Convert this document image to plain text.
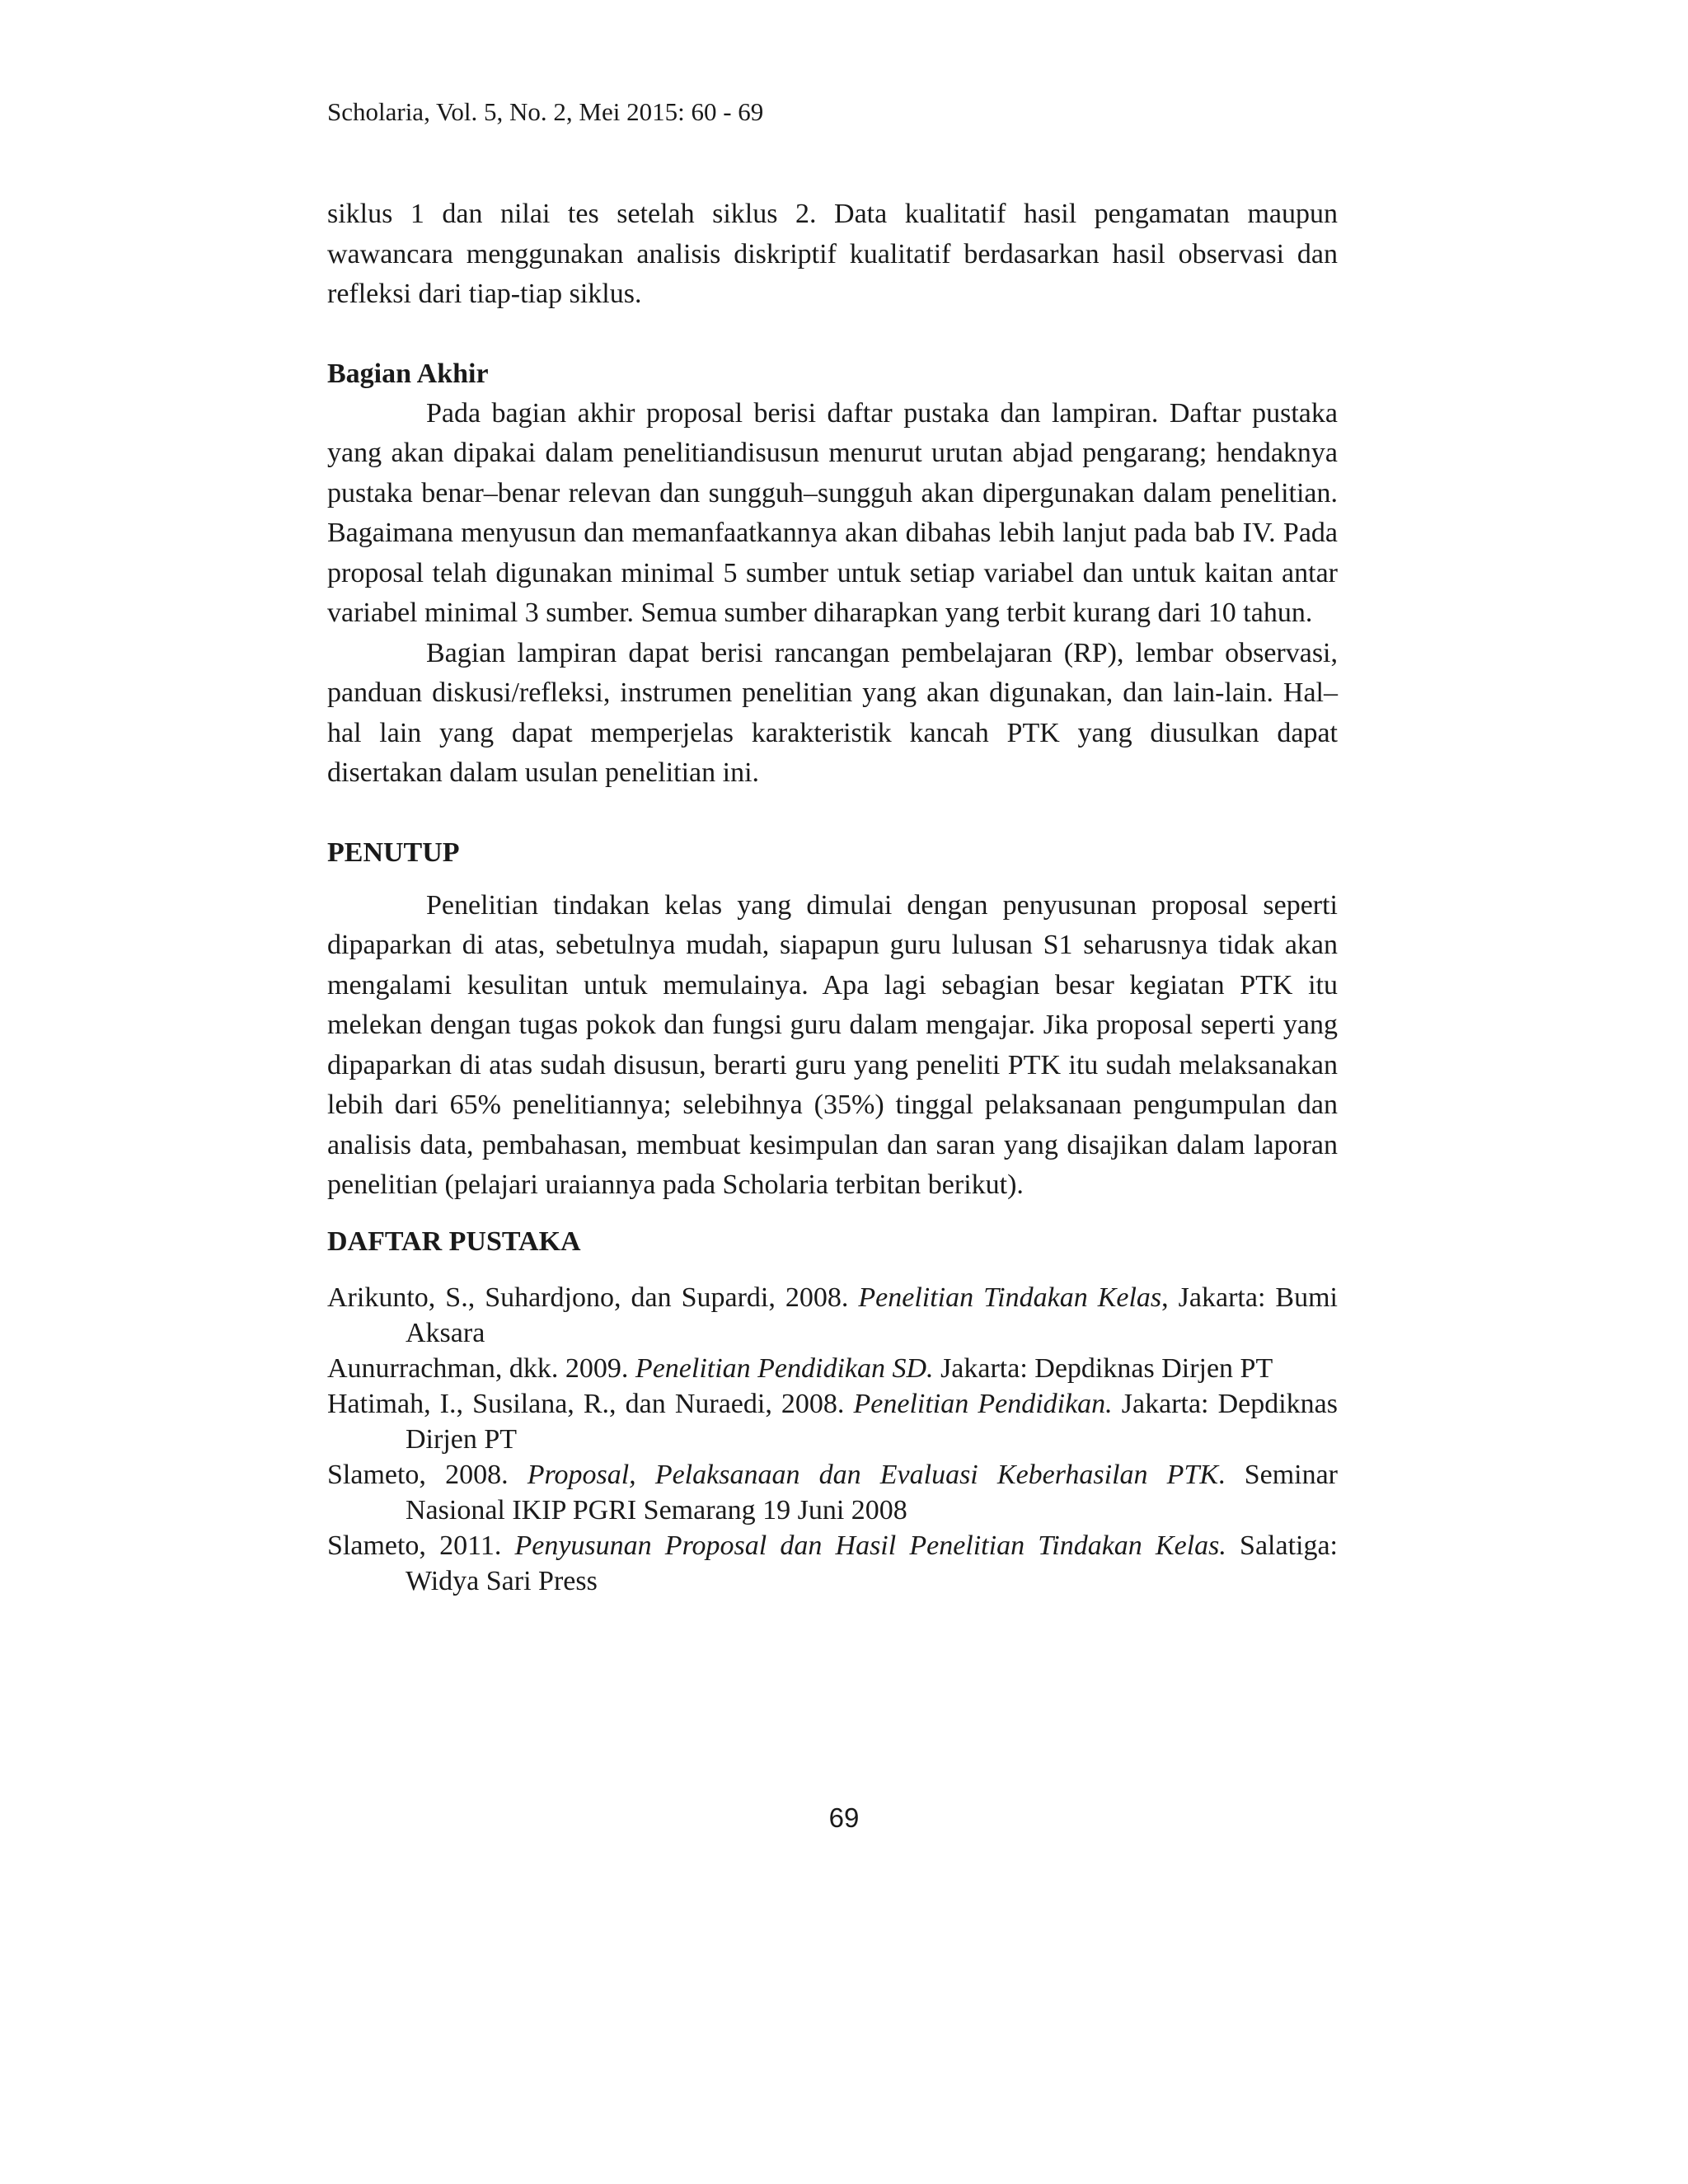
Scholaria, Vol. 5, No. 2, Mei 2015: 60 - 69

siklus 1 dan nilai tes setelah siklus 2. Data kualitatif hasil pengamatan maupun wawancara menggunakan analisis diskriptif kualitatif berdasarkan hasil observasi dan refleksi dari tiap-tiap siklus.

Bagian Akhir

Pada bagian akhir proposal berisi daftar pustaka dan lampiran. Daftar pustaka yang akan dipakai dalam penelitiandisusun menurut urutan abjad pengarang; hendaknya pustaka benar–benar relevan dan sungguh–sungguh akan dipergunakan dalam penelitian. Bagaimana menyusun dan memanfaatkannya akan dibahas lebih lanjut pada bab IV. Pada proposal telah digunakan minimal 5 sumber untuk setiap variabel dan untuk kaitan antar variabel minimal 3 sumber. Semua sumber diharapkan yang terbit kurang dari 10 tahun.

Bagian lampiran dapat berisi rancangan pembelajaran (RP), lembar observasi, panduan diskusi/refleksi, instrumen penelitian yang akan digunakan, dan lain-lain. Hal–hal lain yang dapat memperjelas karakteristik kancah PTK yang diusulkan dapat disertakan dalam usulan penelitian ini.

PENUTUP

Penelitian tindakan kelas yang dimulai dengan penyusunan proposal seperti dipaparkan di atas, sebetulnya mudah, siapapun guru lulusan S1 seharusnya tidak akan mengalami kesulitan untuk memulainya. Apa lagi sebagian besar kegiatan PTK itu melekan dengan tugas pokok dan fungsi guru dalam mengajar. Jika proposal seperti yang dipaparkan di atas sudah disusun, berarti guru yang peneliti PTK itu sudah melaksanakan lebih dari 65% penelitiannya; selebihnya (35%) tinggal pelaksanaan pengumpulan dan analisis data, pembahasan, membuat kesimpulan dan saran yang disajikan dalam laporan penelitian (pelajari uraiannya pada Scholaria terbitan berikut).

DAFTAR PUSTAKA

Arikunto, S., Suhardjono, dan Supardi, 2008. Penelitian Tindakan Kelas, Jakarta: Bumi Aksara

Aunurrachman, dkk. 2009. Penelitian Pendidikan SD. Jakarta: Depdiknas Dirjen PT

Hatimah, I., Susilana, R., dan Nuraedi, 2008. Penelitian Pendidikan. Jakarta: Depdiknas Dirjen PT

Slameto, 2008. Proposal, Pelaksanaan dan Evaluasi Keberhasilan PTK. Seminar Nasional IKIP PGRI Semarang 19 Juni 2008

Slameto, 2011. Penyusunan Proposal dan Hasil Penelitian Tindakan Kelas. Salatiga: Widya Sari Press

69
